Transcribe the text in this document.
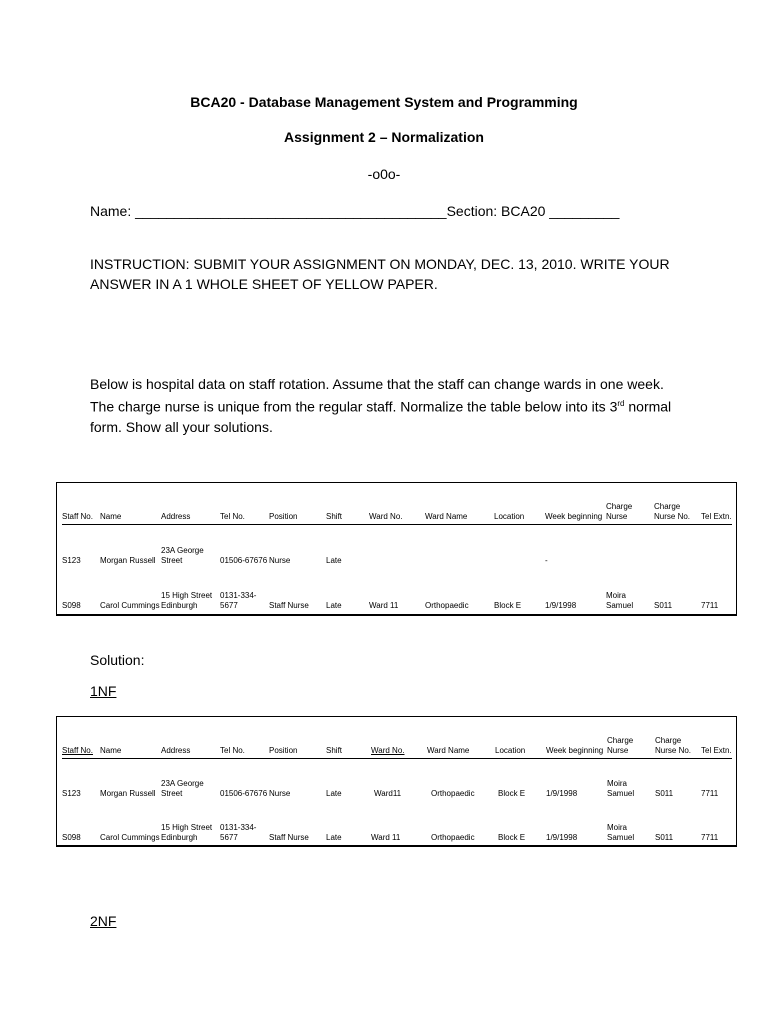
BCA20 - Database Management System and Programming
Assignment 2 – Normalization
-o0o-
Name: ________________________________________Section: BCA20 _________
INSTRUCTION: SUBMIT YOUR ASSIGNMENT ON MONDAY, DEC. 13, 2010. WRITE YOUR ANSWER IN A 1 WHOLE SHEET OF YELLOW PAPER.
Below is hospital data on staff rotation. Assume that the staff can change wards in one week. The charge nurse is unique from the regular staff. Normalize the table below into its 3rd normal form. Show all your solutions.
Staff No.	Name	Address	Tel No.	Position	Shift	Ward No.	Ward Name	Location	Week beginning	Charge Nurse	Charge Nurse No.	Tel Extn.
S123	Morgan Russell	23A George Street	01506-67676	Nurse	Late				-			
S098	Carol Cummings	15 High Street Edinburgh	0131-334-5677	Staff Nurse	Late	Ward 11	Orthopaedic	Block E	1/9/1998	Moira Samuel	S011	7711
Solution:
1NF
Staff No.	Name	Address	Tel No.	Position	Shift	Ward No.	Ward Name	Location	Week beginning	Charge Nurse	Charge Nurse No.	Tel Extn.
S123	Morgan Russell	23A George Street	01506-67676	Nurse	Late	Ward11	Orthopaedic	Block E	1/9/1998	Moira Samuel	S011	7711
S098	Carol Cummings	15 High Street Edinburgh	0131-334-5677	Staff Nurse	Late	Ward 11	Orthopaedic	Block E	1/9/1998	Moira Samuel	S011	7711
2NF
